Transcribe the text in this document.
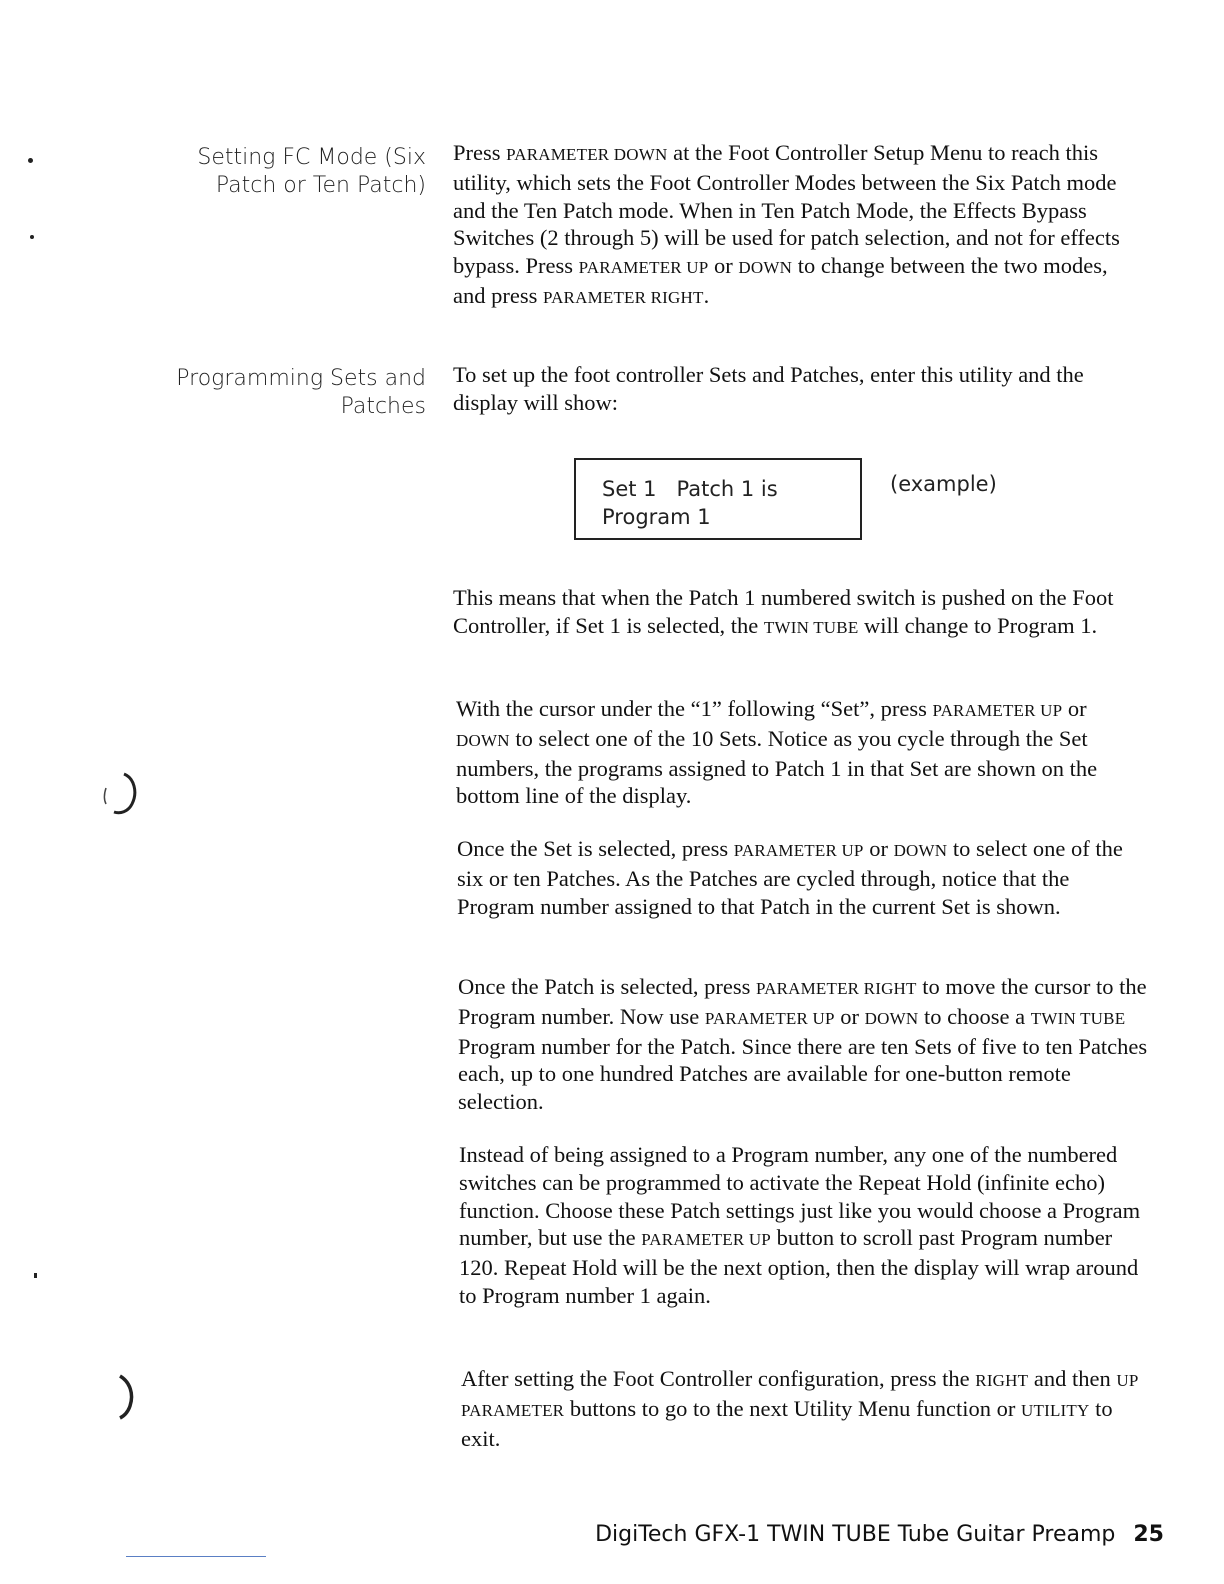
Setting FC Mode (Six
Patch or Ten Patch)

Press PARAMETER DOWN at the Foot Controller Setup Menu to reach this utility, which sets the Foot Controller Modes between the Six Patch mode and the Ten Patch mode. When in Ten Patch Mode, the Effects Bypass Switches (2 through 5) will be used for patch selection, and not for effects bypass. Press PARAMETER UP or DOWN to change between the two modes, and press PARAMETER RIGHT.

Programming Sets and
Patches

To set up the foot controller Sets and Patches, enter this utility and the display will show:

Set 1   Patch 1 is
Program 1
(example)

This means that when the Patch 1 numbered switch is pushed on the Foot Controller, if Set 1 is selected, the TWIN TUBE will change to Program 1.

With the cursor under the “1” following “Set”, press PARAMETER UP or DOWN to select one of the 10 Sets. Notice as you cycle through the Set numbers, the programs assigned to Patch 1 in that Set are shown on the bottom line of the display.

Once the Set is selected, press PARAMETER UP or DOWN to select one of the six or ten Patches. As the Patches are cycled through, notice that the Program number assigned to that Patch in the current Set is shown.

Once the Patch is selected, press PARAMETER RIGHT to move the cursor to the Program number. Now use PARAMETER UP or DOWN to choose a TWIN TUBE Program number for the Patch. Since there are ten Sets of five to ten Patches each, up to one hundred Patches are available for one-button remote selection.

Instead of being assigned to a Program number, any one of the numbered switches can be programmed to activate the Repeat Hold (infinite echo) function. Choose these Patch settings just like you would choose a Program number, but use the PARAMETER UP button to scroll past Program number 120. Repeat Hold will be the next option, then the display will wrap around to Program number 1 again.

After setting the Foot Controller configuration, press the RIGHT and then UP PARAMETER buttons to go to the next Utility Menu function or UTILITY to exit.

DigiTech GFX-1 TWIN TUBE Tube Guitar Preamp 25
